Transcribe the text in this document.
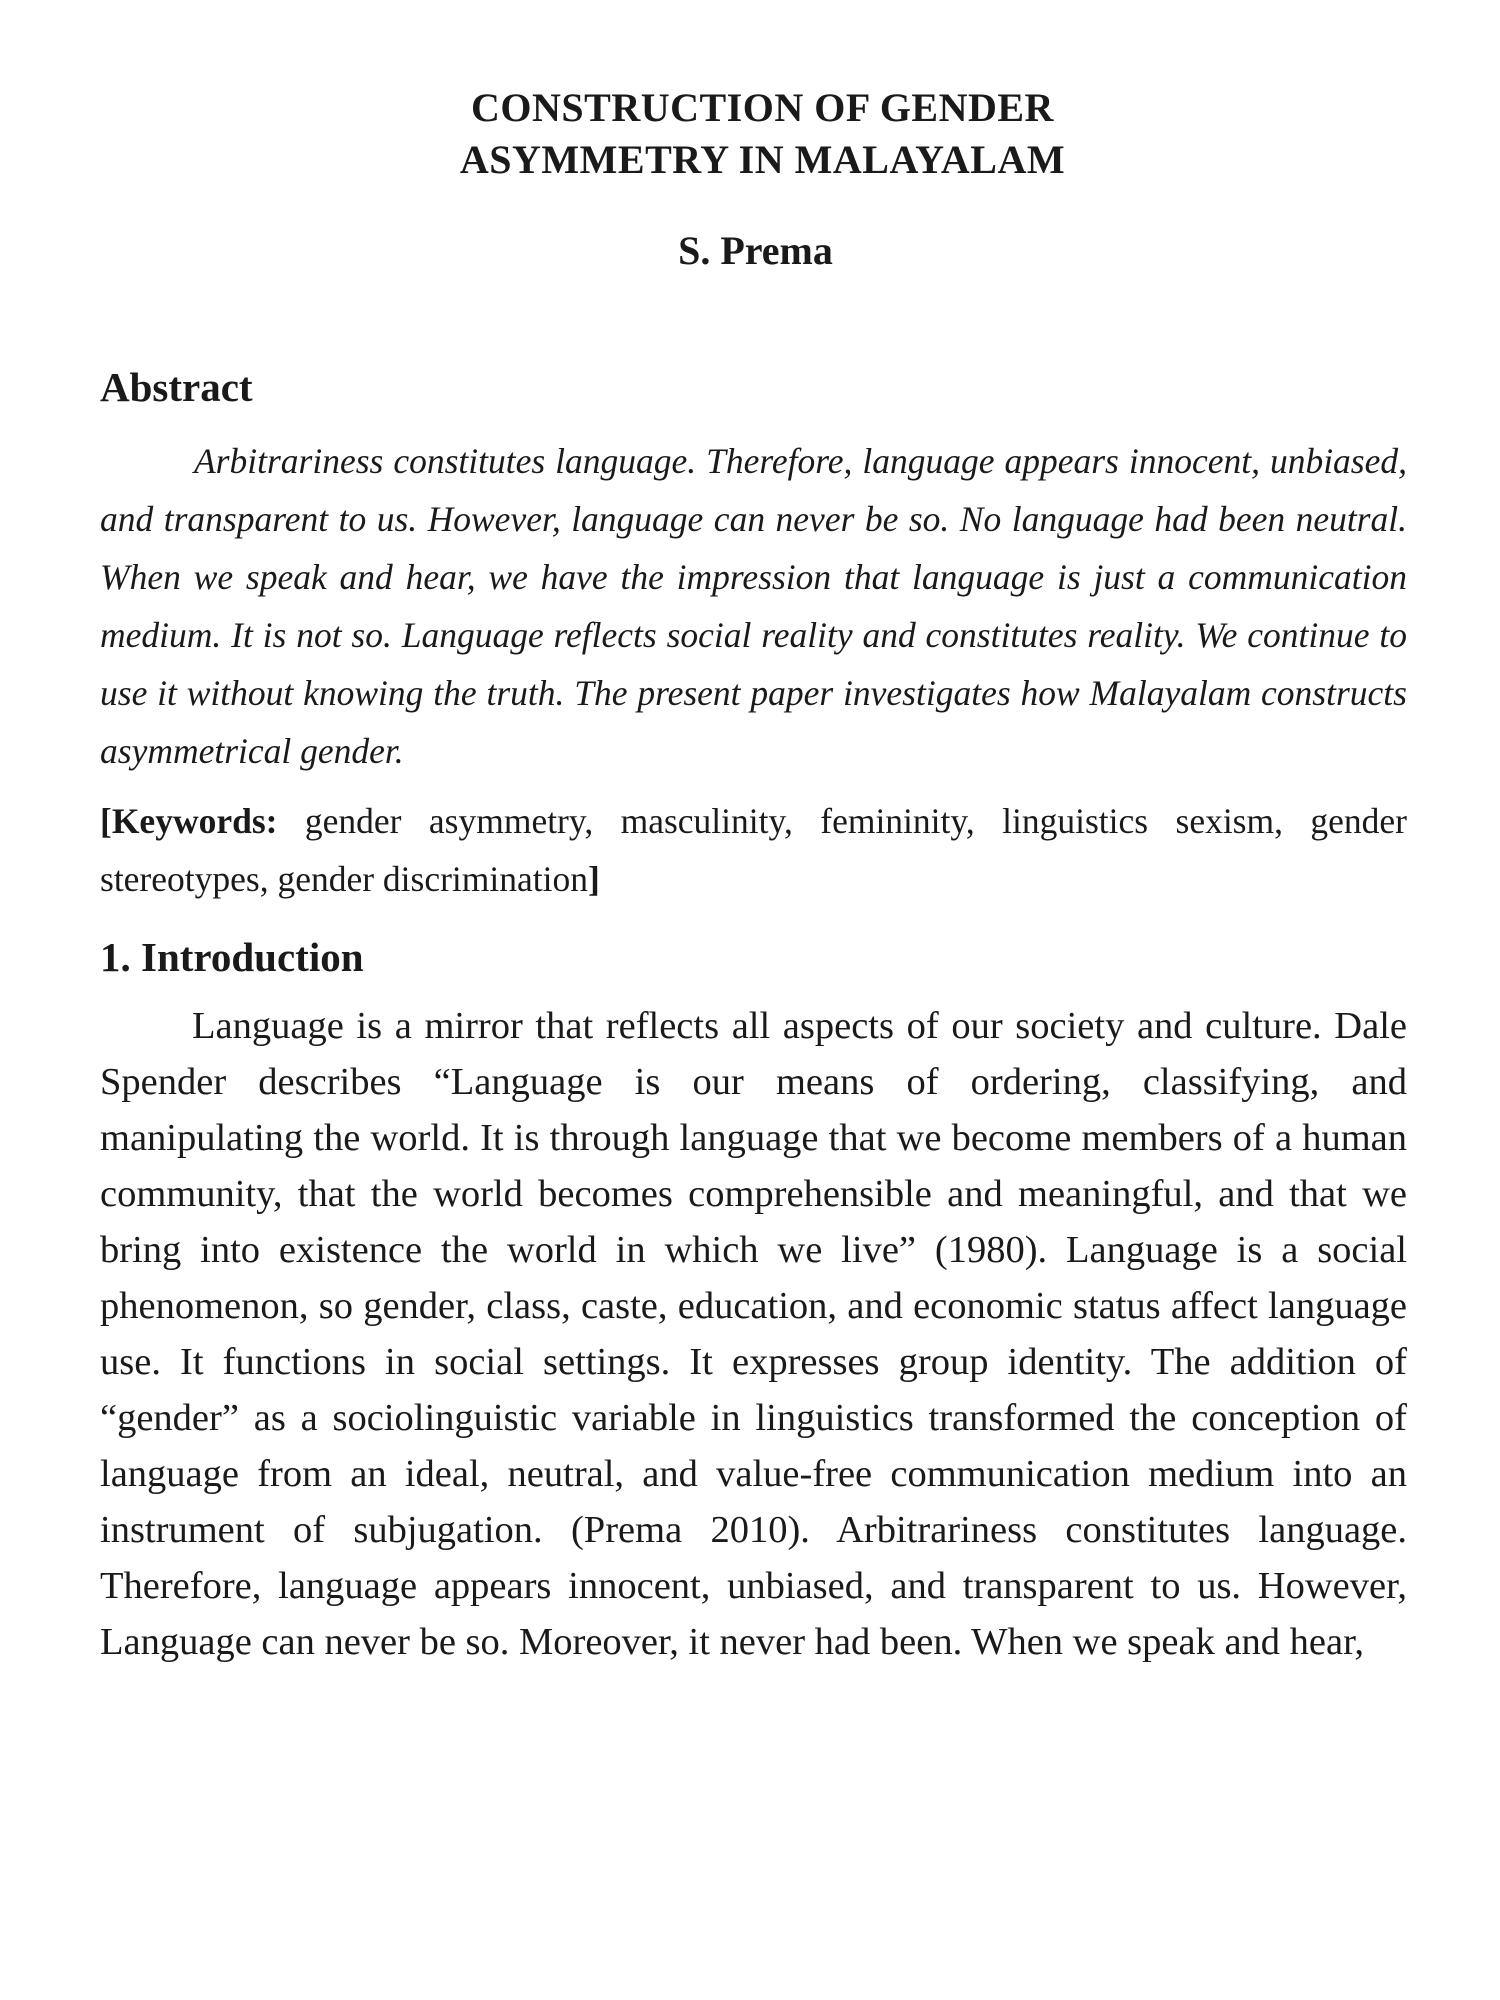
CONSTRUCTION OF GENDER
ASYMMETRY IN MALAYALAM
S. Prema
Abstract

Arbitrariness constitutes language. Therefore, language appears innocent, unbiased, and transparent to us. However, language can never be so. No language had been neutral. When we speak and hear, we have the impression that language is just a communication medium. It is not so. Language reflects social reality and constitutes reality. We continue to use it without knowing the truth. The present paper investigates how Malayalam constructs asymmetrical gender.

[Keywords: gender asymmetry, masculinity, femininity, linguistics sexism, gender stereotypes, gender discrimination]

1. Introduction

Language is a mirror that reflects all aspects of our society and culture. Dale Spender describes “Language is our means of ordering, classifying, and manipulating the world. It is through language that we become members of a human community, that the world becomes comprehensible and meaningful, and that we bring into existence the world in which we live” (1980). Language is a social phenomenon, so gender, class, caste, education, and economic status affect language use. It functions in social settings. It expresses group identity. The addition of “gender” as a sociolinguistic variable in linguistics transformed the conception of language from an ideal, neutral, and value-free communication medium into an instrument of subjugation. (Prema 2010). Arbitrariness constitutes language. Therefore, language appears innocent, unbiased, and transparent to us. However, Language can never be so. Moreover, it never had been. When we speak and hear,
